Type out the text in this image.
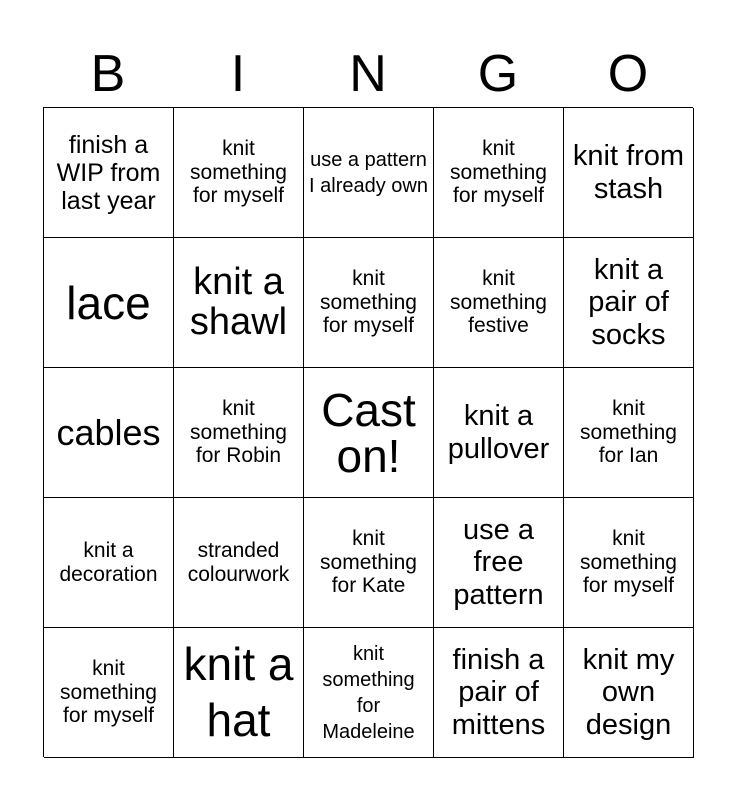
B	I	N	G	O
finish a WIP from last year
knit something for myself
use a pattern I already own
knit something for myself
knit from stash
lace	knit a shawl
knit something for myself
knit something festive
knit a pair of socks
cables
knit something for Robin
Cast on!
knit a pullover
knit something for Ian
knit a decoration
stranded colourwork
knit something for Kate
use a free pattern
knit something for myself
knit something for myself
knit a hat
knit something for Madeleine
finish a pair of mittens
knit my own design
